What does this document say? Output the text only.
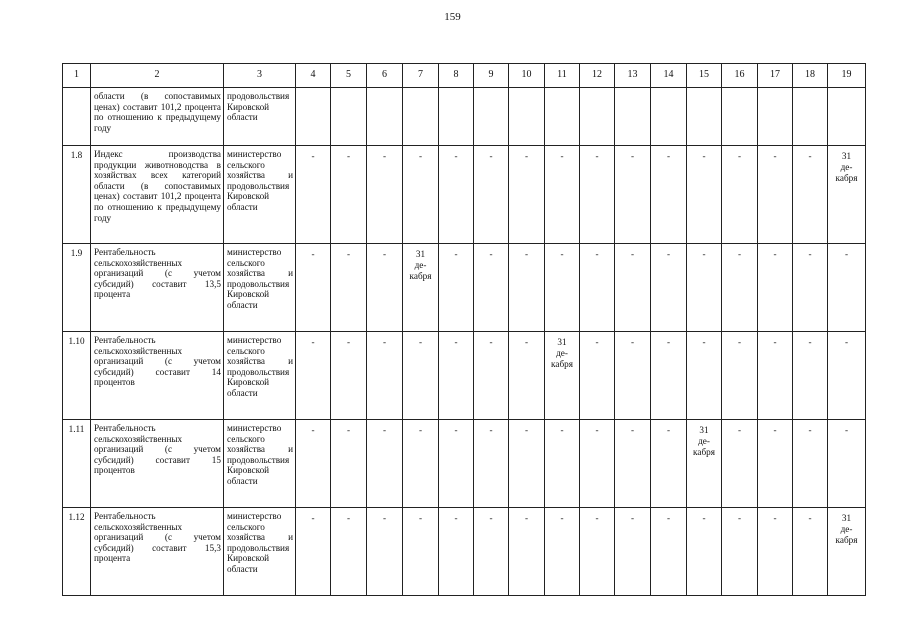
159
1	2	3	4	5	6	7	8	9	10	11	12	13	14	15	16	17	18	19
	области (в сопоставимых ценах) составит 101,2 процента по отношению к предыдущему году	продовольствия Кировской области																
1.8	Индекс производства продукции животноводства в хозяйствах всех категорий области (в сопоставимых ценах) составит 101,2 процента по отношению к предыдущему году	министерство сельского хозяйства и продовольствия Кировской области	-	-	-	-	-	-	-	-	-	-	-	-	-	-	-	31
де-
кабря

1.9	Рентабельность сельскохозяйственных организаций (с учетом субсидий) составит 13,5 процента	министерство сельского хозяйства и продовольствия Кировской области	-	-	-	31
де-
кабря	-	-	-	-	-	-	-	-	-	-	-	-
1.10	Рентабельность сельскохозяйственных организаций (с учетом субсидий) составит 14 процентов	министерство сельского хозяйства и продовольствия Кировской области	-	-	-	-	-	-	-	31
де-
кабря	-	-	-	-	-	-	-	-
1.11	Рентабельность сельскохозяйственных организаций (с учетом субсидий) составит 15 процентов	министерство сельского хозяйства и продовольствия Кировской области	-	-	-	-	-	-	-	-	-	-	-	31
де-
кабря	-	-	-	-
1.12	Рентабельность сельскохозяйственных организаций (с учетом субсидий) составит 15,3 процента	министерство сельского хозяйства и продовольствия Кировской области	-	-	-	-	-	-	-	-	-	-	-	-	-	-	-	31
де-
кабря
